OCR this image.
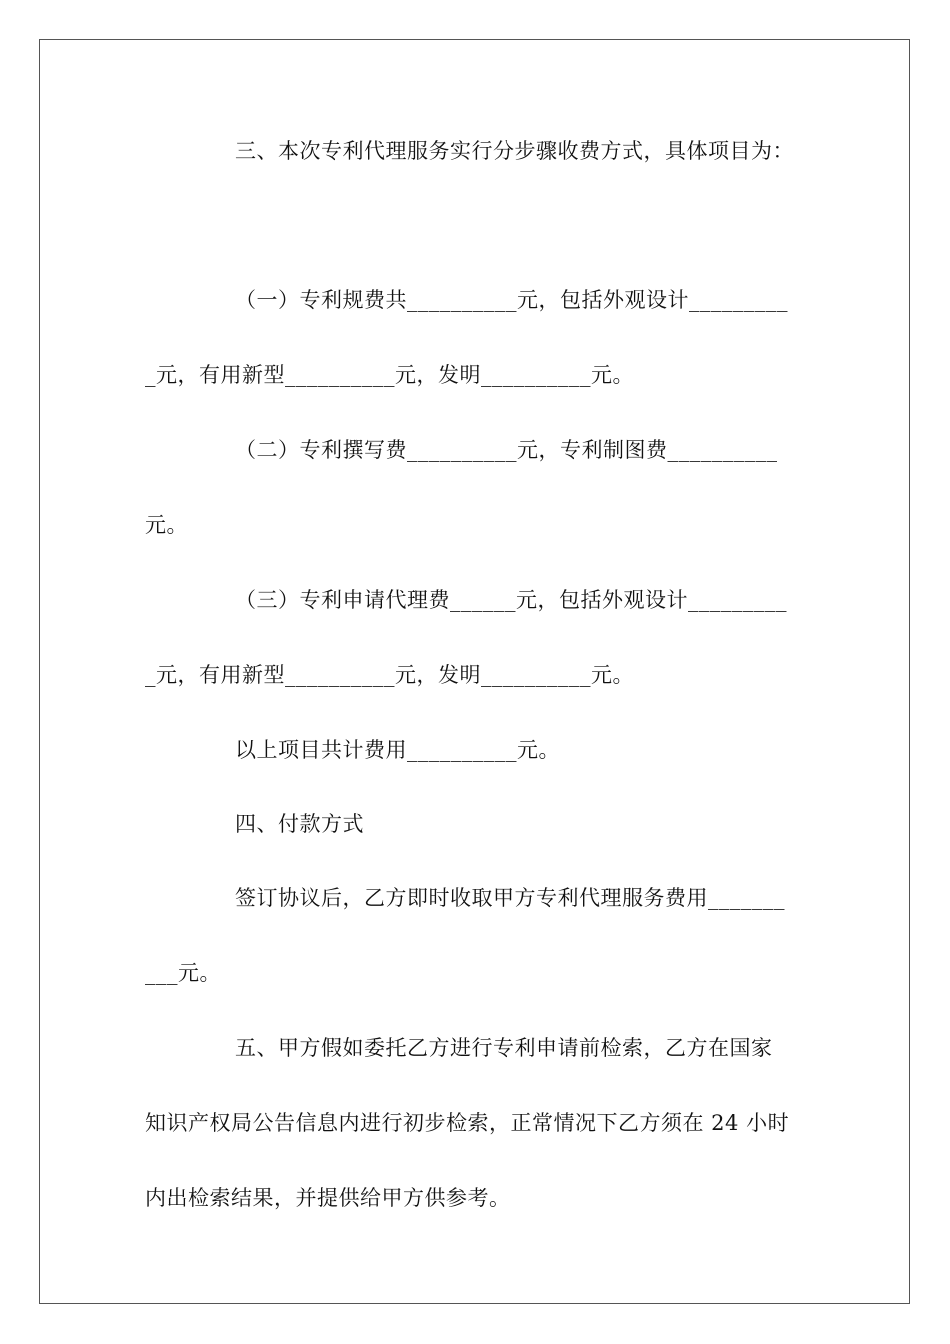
三、本次专利代理服务实行分步骤收费方式，具体项目为：
（一）专利规费共__________元，包括外观设计_________
_元，有用新型__________元，发明__________元。
（二）专利撰写费__________元，专利制图费__________
元。
（三）专利申请代理费______元，包括外观设计_________
_元，有用新型__________元，发明__________元。
以上项目共计费用__________元。
四、付款方式
签订协议后，乙方即时收取甲方专利代理服务费用_______
___元。
五、甲方假如委托乙方进行专利申请前检索，乙方在国家
知识产权局公告信息内进行初步检索，正常情况下乙方须在 24 小时
内出检索结果，并提供给甲方供参考。
